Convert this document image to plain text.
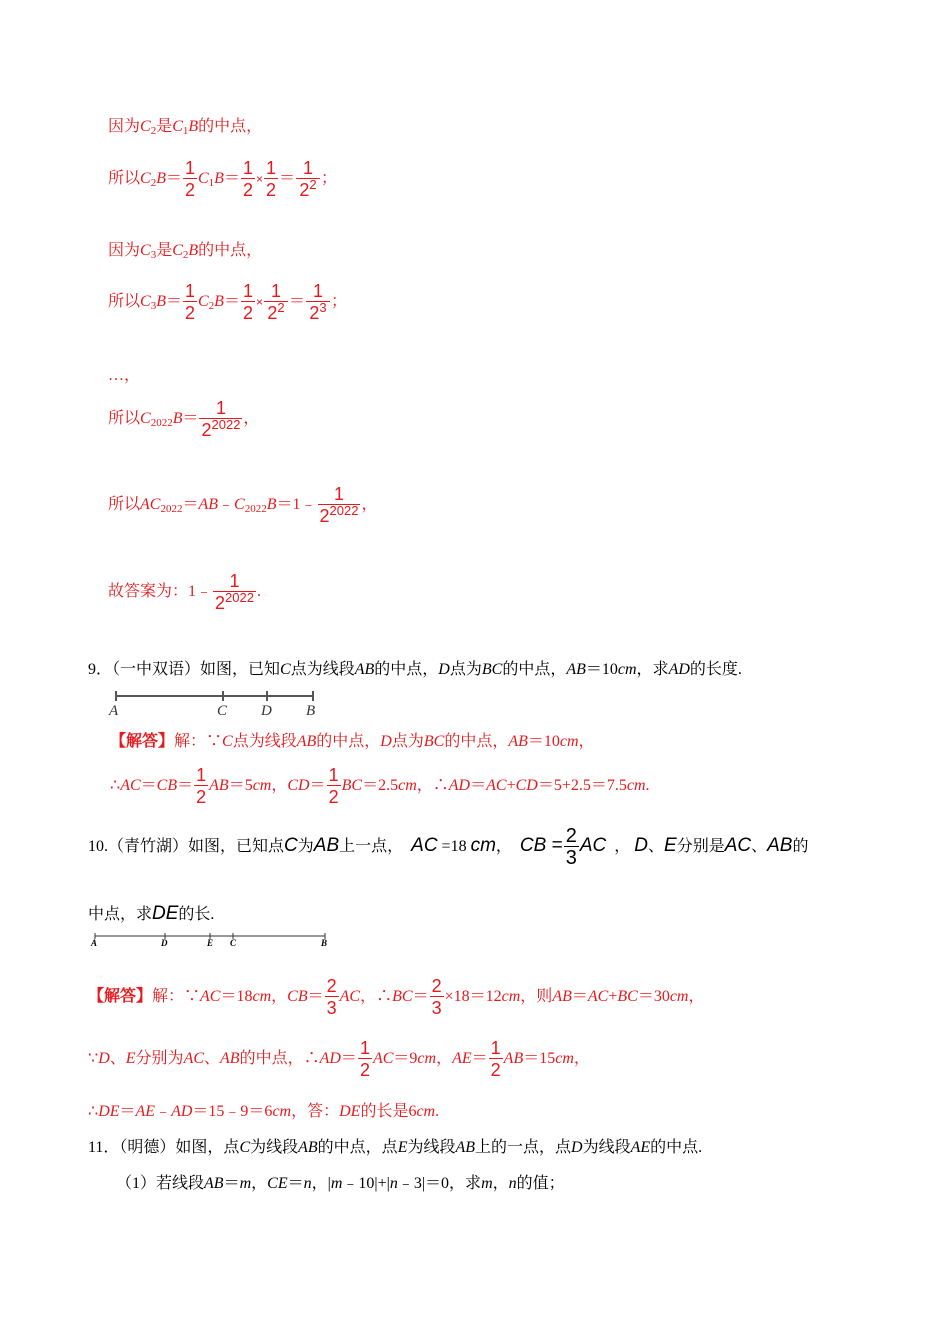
因为$C_2$是$C_1B$的中点，
所以$C_2B= \frac{1}{2} C_1B= \frac{1}{2} \times \frac{1}{2} = \frac{1}{2^2}$ ；
因为$C_3$是$C_2B$的中点，
所以$C_3B= \frac{1}{2} C_2B= \frac{1}{2} \times \frac{1}{2^2} = \frac{1}{2^3}$ ；
…，
所以$C_{2022}B= \frac{1}{2^{2022}}$ ，
所以$AC_{2022}=AB﹣C_{2022}B=1﹣ \frac{1}{2^{2022}}$ ，
故答案为：1﹣ $\frac{1}{2^{2022}}$ .
9．（一中双语）如图，已知C点为线段AB的中点，D点为BC的中点，AB＝10cm，求AD的长度.
A	C D B
【解答】解：∵C点为线段AB的中点，D点为BC的中点，AB＝10cm，
∴AC＝CB＝ $\frac{1}{2} AB=5cm$，$CD= \frac{1}{2} BC=2.5cm$，∴AD＝AC+CD＝5+2.5＝7.5cm.
10.（青竹湖）如图，已知点C为AB上一点， AC =18 cm， CB = $\frac{2}{3}$ AC ， D、E分别是AC、AB的
中点，求DE的长.
A	D	E C	B
【解答】解：∵AC＝18cm，$CB= \frac{2}{3}$ AC，∴BC＝ $\frac{2}{3} \times 18=12cm$，则AB＝AC+BC＝30cm，
∵D、E分别为AC、AB的中点，∴AD＝ $\frac{1}{2} AC=9cm$，$AE= \frac{1}{2} AB=15cm$，
∴DE＝AE﹣AD＝15﹣9＝6cm，答：DE的长是6cm.
11．（明德）如图，点C为线段AB的中点，点E为线段AB上的一点，点D为线段AE的中点.
（1）若线段AB＝m，CE＝n，|m﹣10|+|n﹣3|＝0，求m，n的值；
